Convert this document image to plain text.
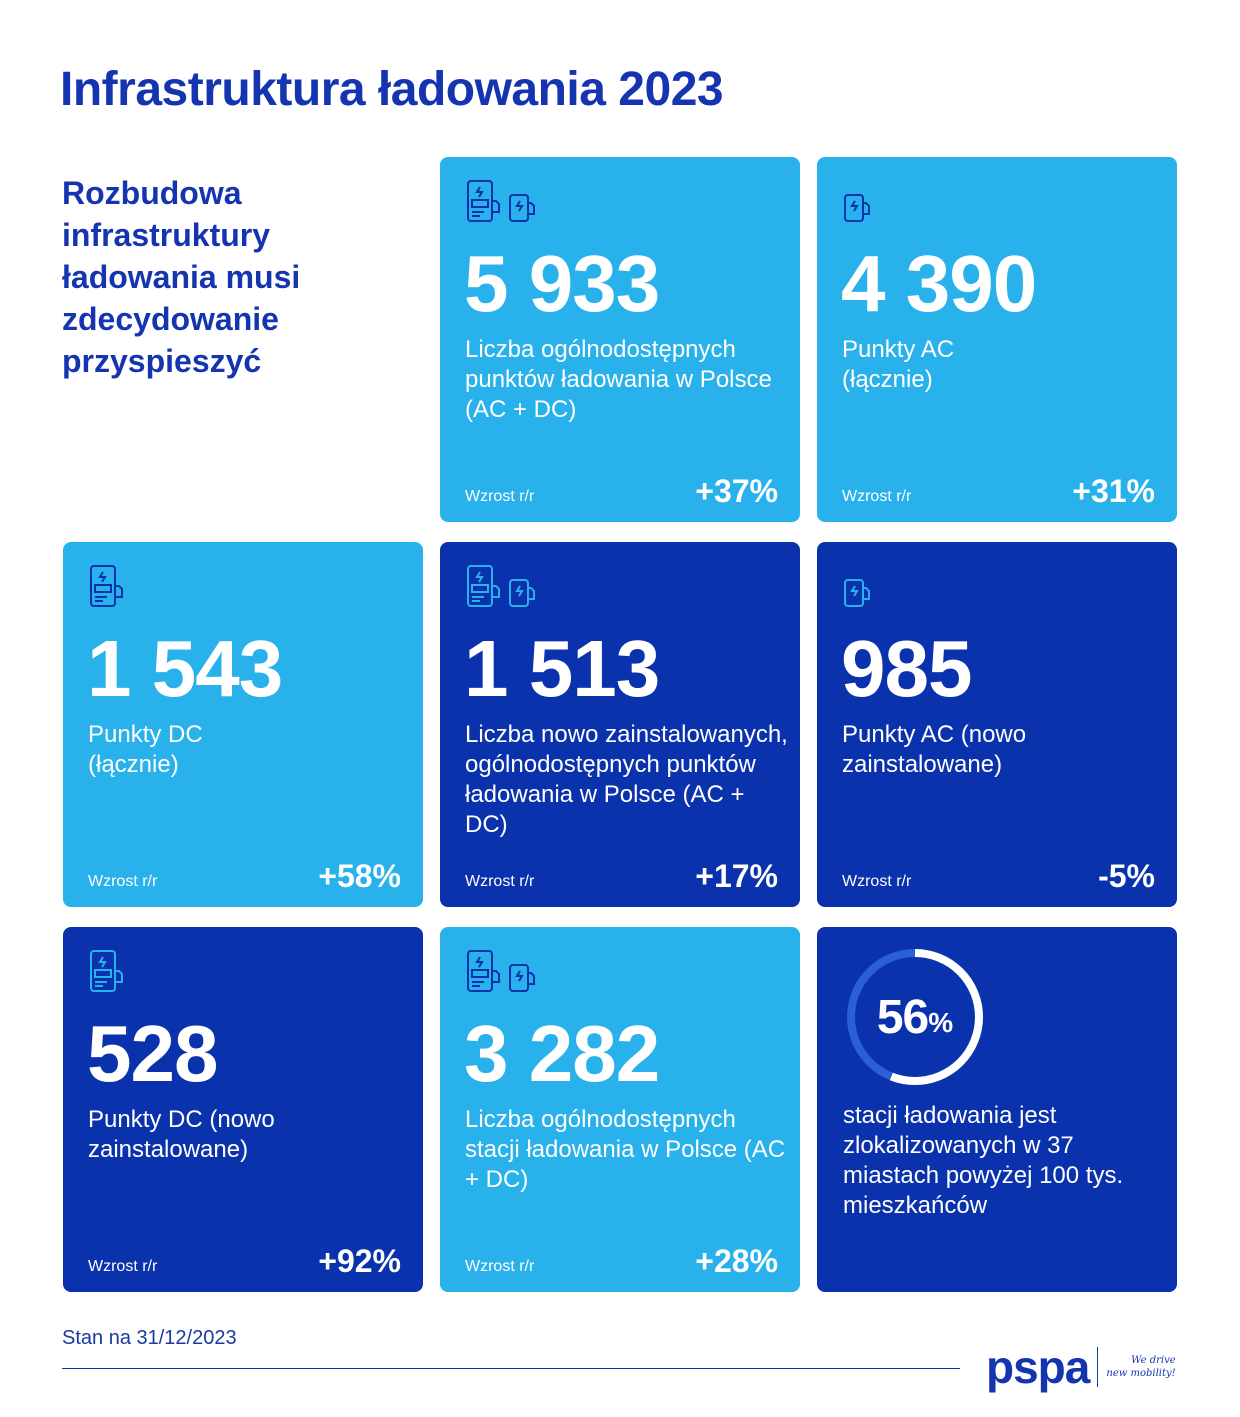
Infrastruktura ładowania 2023
Rozbudowa infrastruktury ładowania musi zdecydowanie przyspieszyć
5 933
Liczba ogólnodostępnych punktów ładowania w Polsce (AC + DC)
Wzrost r/r	+37%
4 390
Punkty AC (łącznie)
Wzrost r/r	+31%
1 543
Punkty DC (łącznie)
Wzrost r/r	+58%
1 513
Liczba nowo zainstalowanych, ogólnodostępnych punktów ładowania w Polsce (AC + DC)
Wzrost r/r	+17%
985
Punkty AC (nowo zainstalowane)
Wzrost r/r	-5%
528
Punkty DC (nowo zainstalowane)
Wzrost r/r	+92%
3 282
Liczba ogólnodostępnych stacji ładowania w Polsce (AC + DC)
Wzrost r/r	+28%
56 %
stacji ładowania jest zlokalizowanych w 37 miastach powyżej 100 tys. mieszkańców
Stan na 31/12/2023
pspa	We drive
new mobility!
